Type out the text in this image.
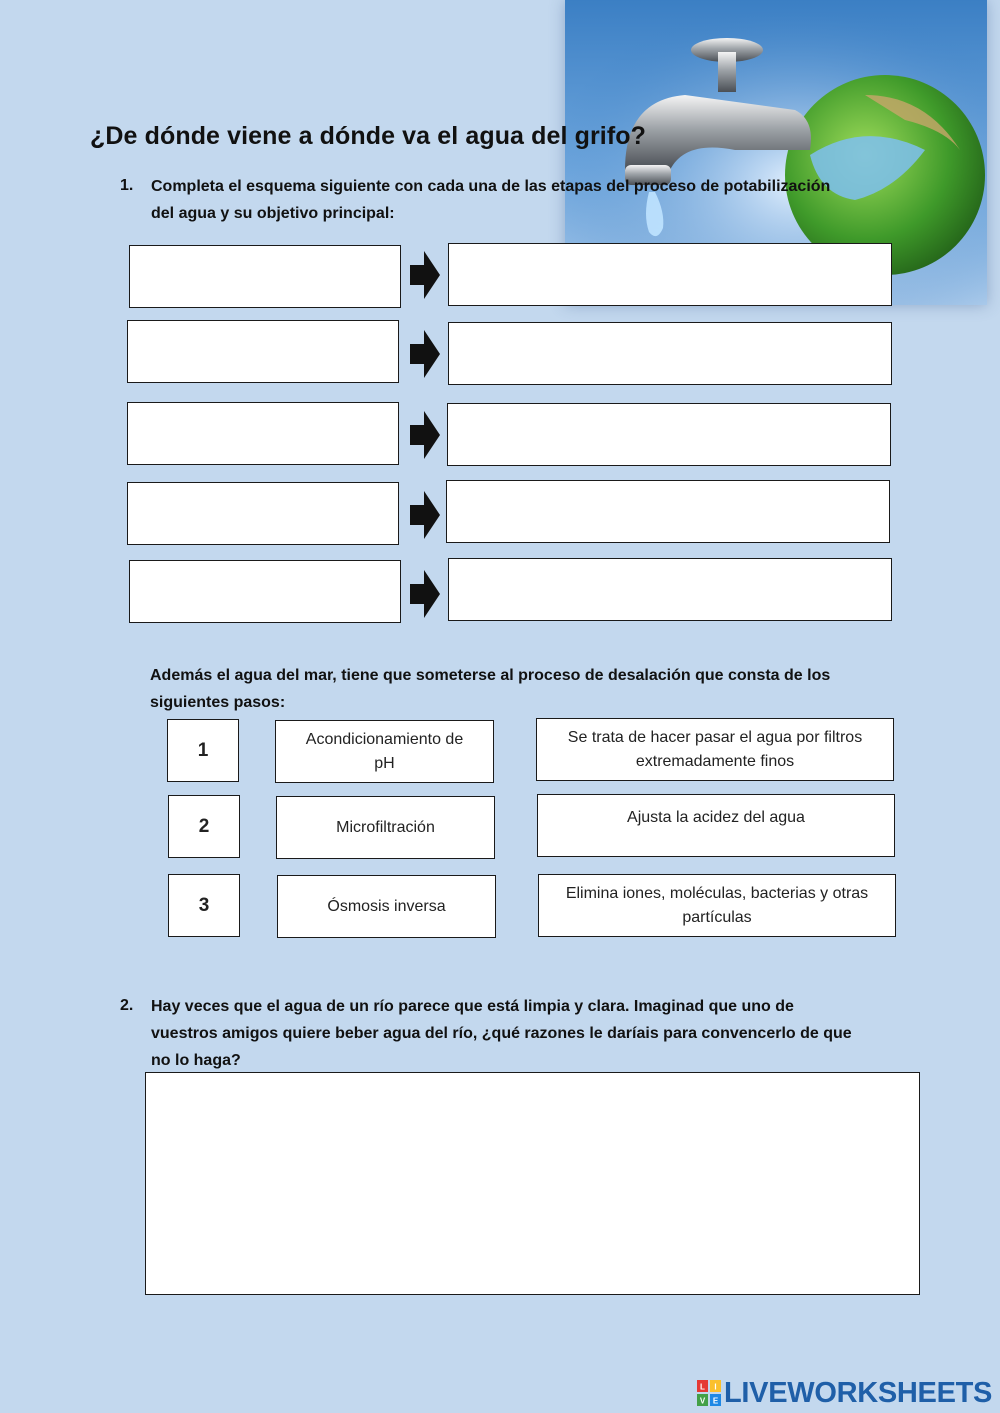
¿De dónde viene a dónde va el agua del grifo?
1. Completa el esquema siguiente con cada una de las etapas del proceso de potabilización
del agua y su objetivo principal:
Además el agua del mar, tiene que someterse al proceso de desalación que consta de los
siguientes pasos:
1
Acondicionamiento de pH
Se trata de hacer pasar el agua por filtros extremadamente finos
2	Microfiltración
Ajusta la acidez del agua
3	Ósmosis inversa
Elimina iones, moléculas, bacterias y otras partículas
2. Hay veces que el agua de un río parece que está limpia y clara. Imaginad que uno de
vuestros amigos quiere beber agua del río, ¿qué razones le daríais para convencerlo de que
no lo haga?
L I
V E LIVEWORKSHEETS
